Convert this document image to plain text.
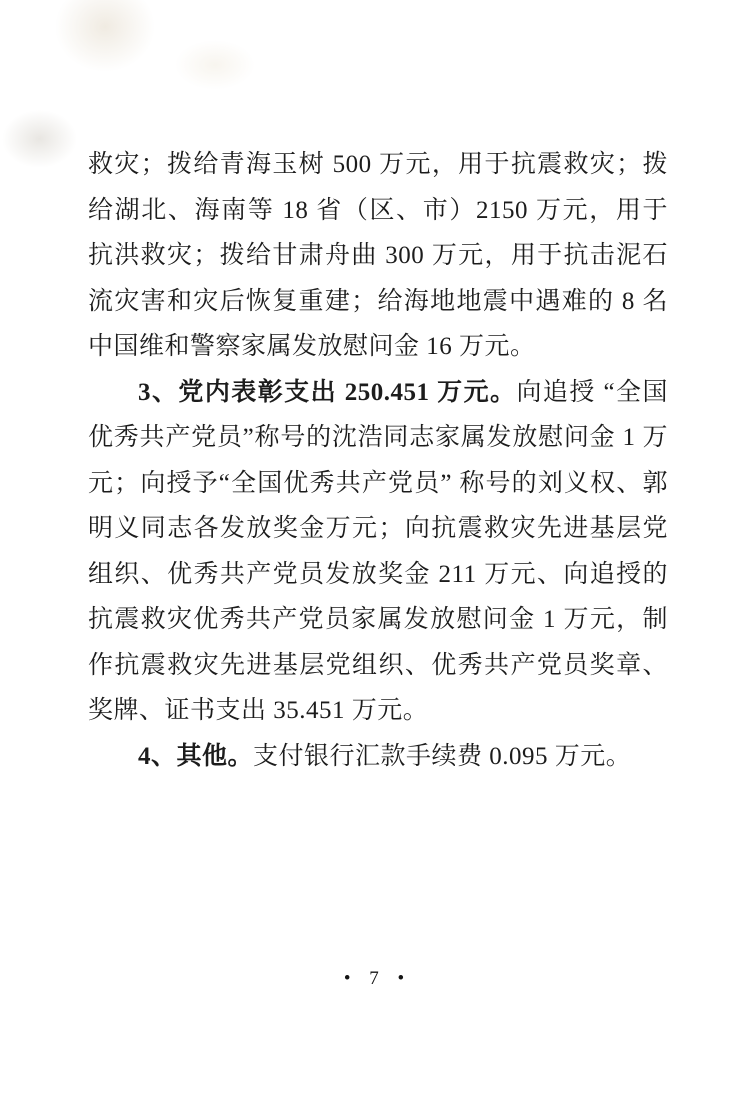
救灾；拨给青海玉树 500 万元，用于抗震救灾；拨给湖北、海南等 18 省（区、市）2150 万元，用于抗洪救灾；拨给甘肃舟曲 300 万元，用于抗击泥石流灾害和灾后恢复重建；给海地地震中遇难的 8 名中国维和警察家属发放慰问金 16 万元。

3、党内表彰支出 250.451 万元。向追授 “全国优秀共产党员”称号的沈浩同志家属发放慰问金 1 万元；向授予“全国优秀共产党员” 称号的刘义权、郭明义同志各发放奖金万元；向抗震救灾先进基层党组织、优秀共产党员发放奖金 211 万元、向追授的抗震救灾优秀共产党员家属发放慰问金 1 万元，制作抗震救灾先进基层党组织、优秀共产党员奖章、奖牌、证书支出 35.451 万元。

4、其他。支付银行汇款手续费 0.095 万元。

• 7 •
